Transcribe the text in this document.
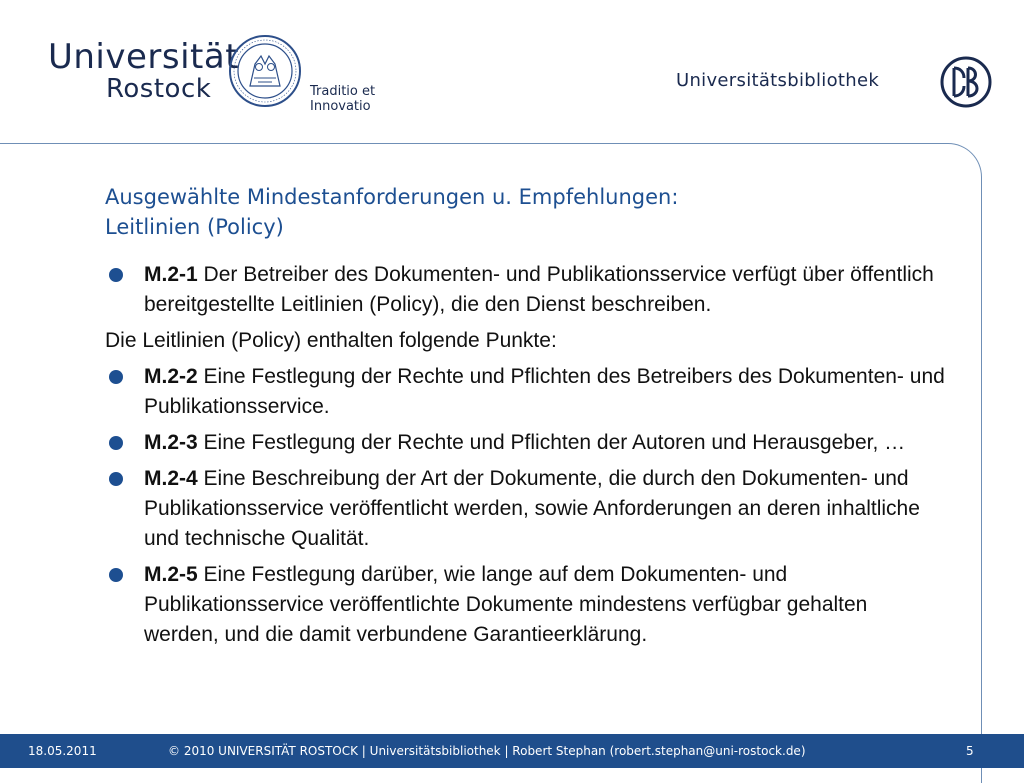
Universität
Rostock	Traditio et Innovatio
Universitätsbibliothek
Ausgewählte Mindestanforderungen u. Empfehlungen:
Leitlinien (Policy)
M.2-1 Der Betreiber des Dokumenten- und Publikationsservice verfügt über öffentlich bereitgestellte Leitlinien (Policy), die den Dienst beschreiben.
Die Leitlinien (Policy) enthalten folgende Punkte:
M.2-2 Eine Festlegung der Rechte und Pflichten des Betreibers des Dokumenten- und Publikationsservice.
M.2-3 Eine Festlegung der Rechte und Pflichten der Autoren und Herausgeber, …
M.2-4 Eine Beschreibung der Art der Dokumente, die durch den Dokumenten- und Publikationsservice veröffentlicht werden, sowie Anforderungen an deren inhaltliche und technische Qualität.
M.2-5 Eine Festlegung darüber, wie lange auf dem Dokumenten- und Publikationsservice veröffentlichte Dokumente mindestens verfügbar gehalten werden, und die damit verbundene Garantieerklärung.
18.05.2011	© 2010 UNIVERSITÄT ROSTOCK | Universitätsbibliothek | Robert Stephan (robert.stephan@uni-rostock.de)	5
